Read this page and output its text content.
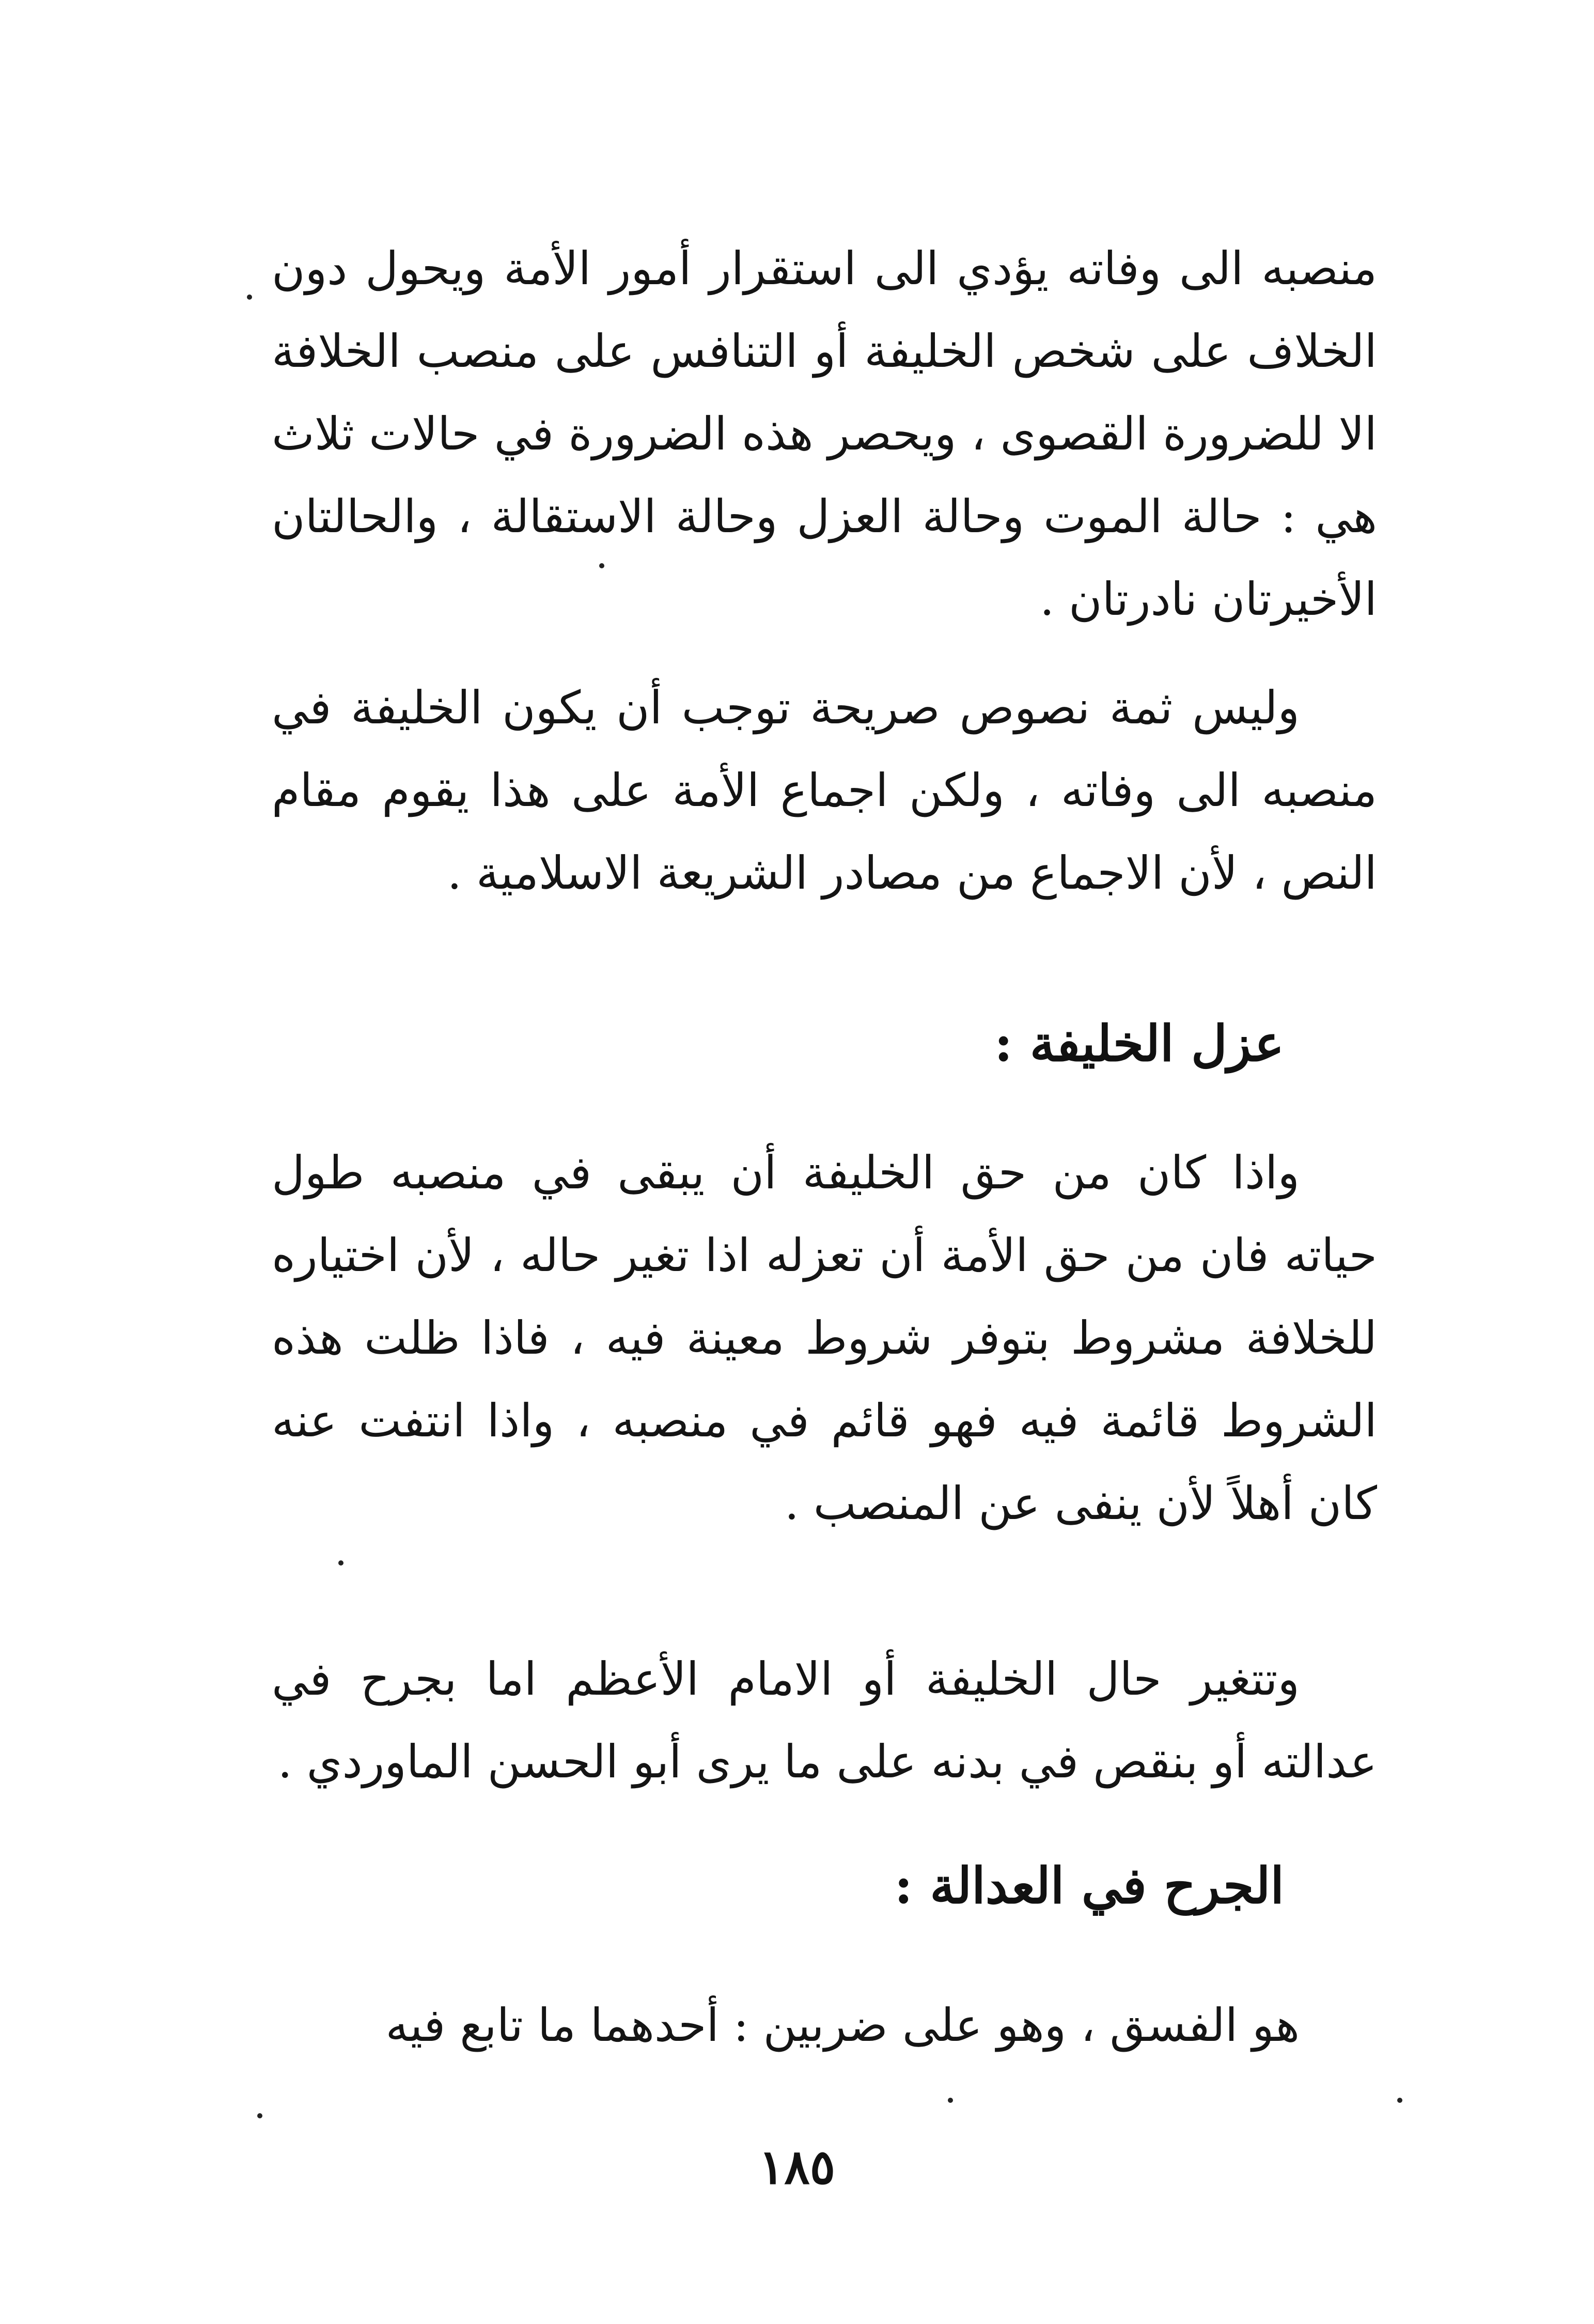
منصبه الى وفاته يؤدي الى استقرار أمور الأمة ويحول دون الخلاف على شخص الخليفة أو التنافس على منصب الخلافة الا للضرورة القصوى ، ويحصر هذه الضرورة في حالات ثلاث هي : حالة الموت وحالة العزل وحالة الاستقالة ، والحالتان الأخيرتان نادرتان .

وليس ثمة نصوص صريحة توجب أن يكون الخليفة في منصبه الى وفاته ، ولكن اجماع الأمة على هذا يقوم مقام النص ، لأن الاجماع من مصادر الشريعة الاسلامية .

عزل الخليفة :

واذا كان من حق الخليفة أن يبقى في منصبه طول حياته فان من حق الأمة أن تعزله اذا تغير حاله ، لأن اختياره للخلافة مشروط بتوفر شروط معينة فيه ، فاذا ظلت هذه الشروط قائمة فيه فهو قائم في منصبه ، واذا انتفت عنه كان أهلاً لأن ينفى عن المنصب .

وتتغير حال الخليفة أو الامام الأعظم اما بجرح في عدالته أو بنقص في بدنه على ما يرى أبو الحسن الماوردي .

الجرح في العدالة :

هو الفسق ، وهو على ضربين : أحدهما ما تابع فيه

١٨٥
